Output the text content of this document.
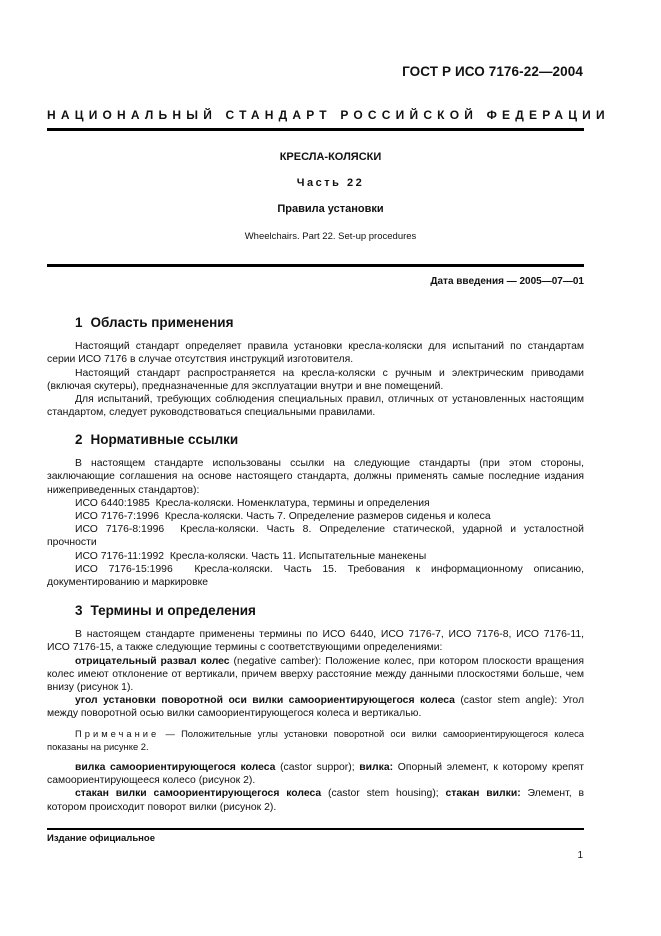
ГОСТ Р ИСО 7176-22—2004
НАЦИОНАЛЬНЫЙ СТАНДАРТ РОССИЙСКОЙ ФЕДЕРАЦИИ
КРЕСЛА-КОЛЯСКИ
Часть 22
Правила установки
Wheelchairs. Part 22. Set-up procedures
Дата введения — 2005—07—01
1 Область применения

Настоящий стандарт определяет правила установки кресла-коляски для испытаний по стандартам серии ИСО 7176 в случае отсутствия инструкций изготовителя.

Настоящий стандарт распространяется на кресла-коляски с ручным и электрическим приводами (включая скутеры), предназначенные для эксплуатации внутри и вне помещений.

Для испытаний, требующих соблюдения специальных правил, отличных от установленных настоящим стандартом, следует руководствоваться специальными правилами.

2 Нормативные ссылки

В настоящем стандарте использованы ссылки на следующие стандарты (при этом стороны, заключающие соглашения на основе настоящего стандарта, должны применять самые последние издания нижеприведенных стандартов):

ИСО 6440:1985 Кресла-коляски. Номенклатура, термины и определения

ИСО 7176-7:1996 Кресла-коляски. Часть 7. Определение размеров сиденья и колеса

ИСО 7176-8:1996 Кресла-коляски. Часть 8. Определение статической, ударной и усталостной прочности

ИСО 7176-11:1992 Кресла-коляски. Часть 11. Испытательные манекены

ИСО 7176-15:1996 Кресла-коляски. Часть 15. Требования к информационному описанию, документированию и маркировке

3 Термины и определения

В настоящем стандарте применены термины по ИСО 6440, ИСО 7176-7, ИСО 7176-8, ИСО 7176-11, ИСО 7176-15, а также следующие термины с соответствующими определениями:

отрицательный развал колес (negative camber): Положение колес, при котором плоскости вращения колес имеют отклонение от вертикали, причем вверху расстояние между данными плоскостями больше, чем внизу (рисунок 1).

угол установки поворотной оси вилки самоориентирующегося колеса (castor stem angle): Угол между поворотной осью вилки самоориентирующегося колеса и вертикалью.

Примечание — Положительные углы установки поворотной оси вилки самоориентирующегося колеса показаны на рисунке 2.

вилка самоориентирующегося колеса (castor suppor); вилка: Опорный элемент, к которому крепят самоориентирующееся колесо (рисунок 2).

стакан вилки самоориентирующегося колеса (castor stem housing); стакан вилки: Элемент, в котором происходит поворот вилки (рисунок 2).

Издание официальное
1
